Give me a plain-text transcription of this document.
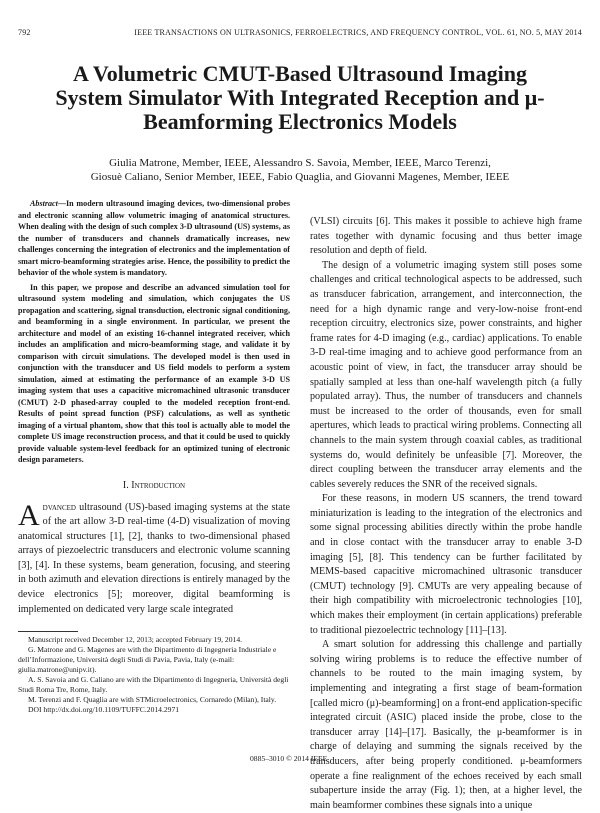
792	IEEE TRANSACTIONS ON ULTRASONICS, FERROELECTRICS, AND FREQUENCY CONTROL, VOL. 61, NO. 5, MAY 2014
A Volumetric CMUT-Based Ultrasound Imaging System Simulator With Integrated Reception and μ-Beamforming Electronics Models
Giulia Matrone, Member, IEEE, Alessandro S. Savoia, Member, IEEE, Marco Terenzi,
Giosuè Caliano, Senior Member, IEEE, Fabio Quaglia, and Giovanni Magenes, Member, IEEE

Abstract—In modern ultrasound imaging devices, two-dimensional probes and electronic scanning allow volumetric imaging of anatomical structures. When dealing with the design of such complex 3-D ultrasound (US) systems, as the number of transducers and channels dramatically increases, new challenges concerning the integration of electronics and the implementation of smart micro-beamforming strategies arise. Hence, the possibility to predict the behavior of the whole system is mandatory.

In this paper, we propose and describe an advanced simulation tool for ultrasound system modeling and simulation, which conjugates the US propagation and scattering, signal transduction, electronic signal conditioning, and beamforming in a single environment. In particular, we present the architecture and model of an existing 16-channel integrated receiver, which includes an amplification and micro-beamforming stage, and validate it by comparison with circuit simulations. The developed model is then used in conjunction with the transducer and US field models to perform a system simulation, aimed at estimating the performance of an example 3-D US imaging system that uses a capacitive micromachined ultrasonic transducer (CMUT) 2-D phased-array coupled to the modeled reception front-end. Results of point spread function (PSF) calculations, as well as synthetic imaging of a virtual phantom, show that this tool is actually able to model the complete US image reconstruction process, and that it could be used to quickly provide valuable system-level feedback for an optimized tuning of electronic design parameters.

I. Introduction
Advanced ultrasound (US)-based imaging systems at the state of the art allow 3-D real-time (4-D) visualization of moving anatomical structures [1], [2], thanks to two-dimensional phased arrays of piezoelectric transducers and electronic volume scanning [3], [4]. In these systems, beam generation, focusing, and steering in both azimuth and elevation directions is entirely managed by the device electronics [5]; moreover, digital beamforming is implemented on dedicated very large scale integrated

Manuscript received December 12, 2013; accepted February 19, 2014.

G. Matrone and G. Magenes are with the Dipartimento di Ingegneria Industriale e dell’Informazione, Università degli Studi di Pavia, Pavia, Italy (e-mail: giulia.matrone@unipv.it).

A. S. Savoia and G. Caliano are with the Dipartimento di Ingegneria, Università degli Studi Roma Tre, Rome, Italy.

M. Terenzi and F. Quaglia are with STMicroelectronics, Cornaredo (Milan), Italy.

DOI http://dx.doi.org/10.1109/TUFFC.2014.2971

(VLSI) circuits [6]. This makes it possible to achieve high frame rates together with dynamic focusing and thus better image resolution and depth of field.

The design of a volumetric imaging system still poses some challenges and critical technological aspects to be addressed, such as transducer fabrication, arrangement, and interconnection, the need for a high dynamic range and very-low-noise front-end reception circuitry, electronics size, power constraints, and higher frame rates for 4-D imaging (e.g., cardiac) applications. To enable 3-D real-time imaging and to achieve good performance from an acoustic point of view, in fact, the transducer array should be spatially sampled at less than one-half wavelength pitch (a fully populated array). Thus, the number of transducers and channels must be increased to the order of thousands, even for small apertures, which leads to practical wiring problems. Connecting all channels to the main system through coaxial cables, as traditional systems do, would definitely be unfeasible [7]. Moreover, the direct coupling between the transducer array elements and the cables severely reduces the SNR of the received signals.

For these reasons, in modern US scanners, the trend toward miniaturization is leading to the integration of the electronics and some signal processing abilities directly within the probe handle and in close contact with the transducer array to enable 3-D imaging [5], [8]. This tendency can be further facilitated by MEMS-based capacitive micromachined ultrasonic transducer (CMUT) technology [9]. CMUTs are very appealing because of their high compatibility with microelectronic technologies [10], which makes their employment (in certain applications) preferable to traditional piezoelectric technology [11]–[13].

A smart solution for addressing this challenge and partially solving wiring problems is to reduce the effective number of channels to be routed to the main imaging system, by implementing and integrating a first stage of beam-formation [called micro (μ)-beamforming] on a front-end application-specific integrated circuit (ASIC) placed inside the probe, close to the transducer array [14]–[17]. Basically, the μ-beamformer is in charge of delaying and summing the signals received by the transducers, after being properly conditioned. μ-beamformers operate a fine realignment of the echoes received by each small subaperture inside the array (Fig. 1); then, at a higher level, the main beamformer combines these signals into a unique

0885–3010 © 2014 IEEE
